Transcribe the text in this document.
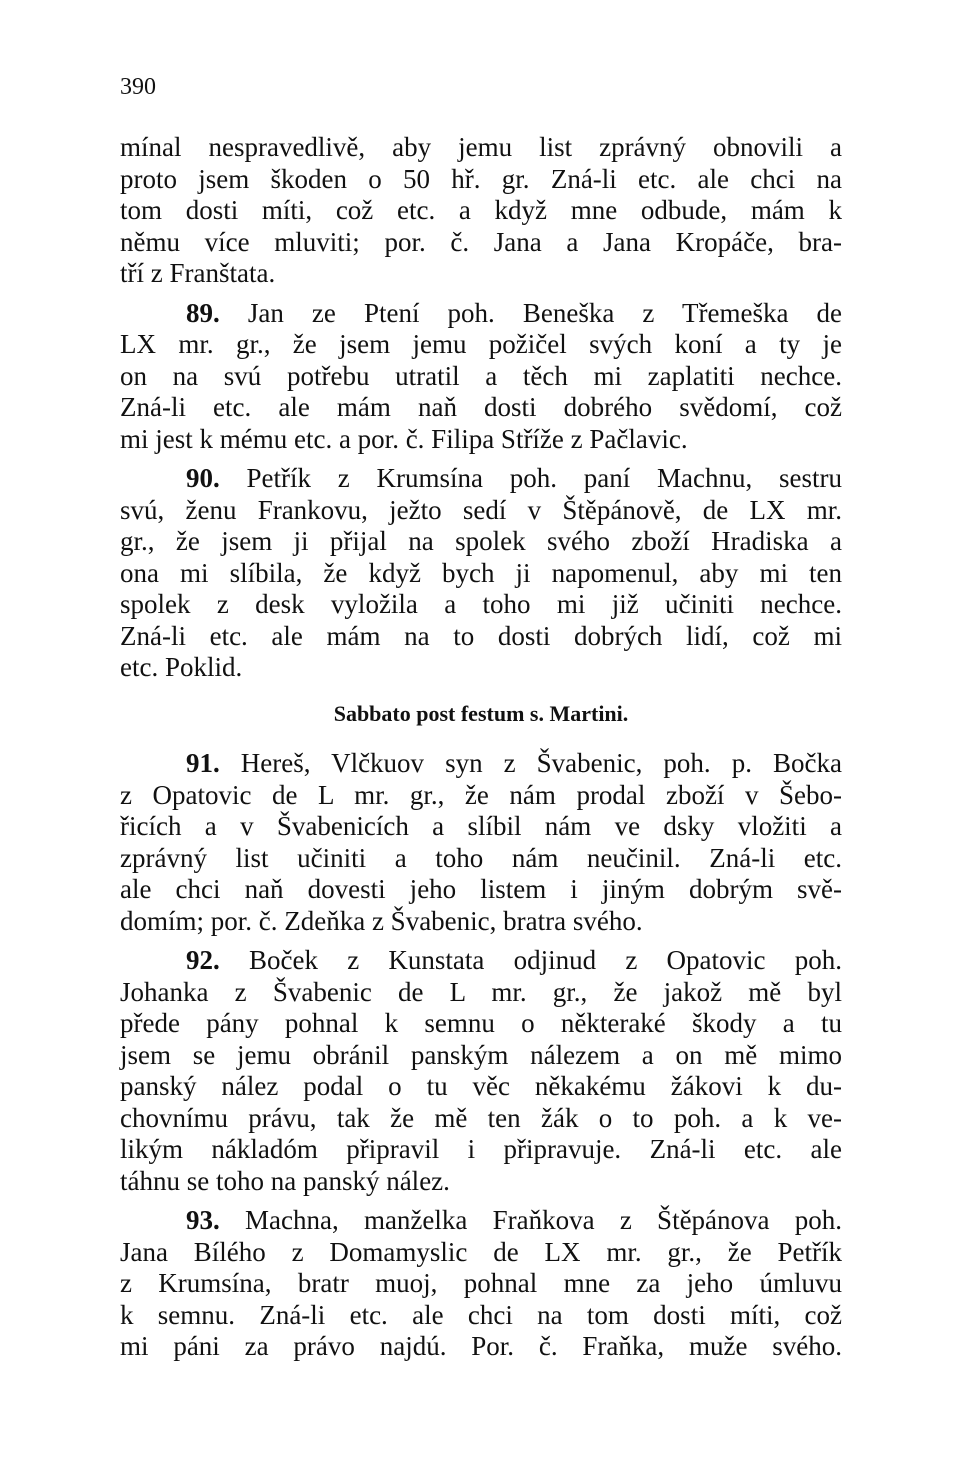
390
mínal nespravedlivě, aby jemu list zprávný obnovili a
proto jsem škoden o 50 hř. gr. Zná-li etc. ale chci na
tom dosti míti, což etc. a když mne odbude, mám k
němu více mluviti; por. č. Jana a Jana Kropáče, bra-
tří z Franštata.
89. Jan ze Ptení poh. Beneška z Třemeška de
LX mr. gr., že jsem jemu požičel svých koní a ty je
on na svú potřebu utratil a těch mi zaplatiti nechce.
Zná-li etc. ale mám naň dosti dobrého svědomí, což
mi jest k mému etc. a por. č. Filipa Stříže z Pačlavic.
90. Petřík z Krumsína poh. paní Machnu, sestru
svú, ženu Frankovu, ježto sedí v Štěpánově, de LX mr.
gr., že jsem ji přijal na spolek svého zboží Hradiska a
ona mi slíbila, že když bych ji napomenul, aby mi ten
spolek z desk vyložila a toho mi již učiniti nechce.
Zná-li etc. ale mám na to dosti dobrých lidí, což mi
etc. Poklid.
Sabbato post festum s. Martini.
91. Hereš, Vlčkuov syn z Švabenic, poh. p. Bočka
z Opatovic de L mr. gr., že nám prodal zboží v Šebo-
řicích a v Švabenicích a slíbil nám ve dsky vložiti a
zprávný list učiniti a toho nám neučinil. Zná-li etc.
ale chci naň dovesti jeho listem i jiným dobrým svě-
domím; por. č. Zdeňka z Švabenic, bratra svého.
92. Boček z Kunstata odjinud z Opatovic poh.
Johanka z Švabenic de L mr. gr., že jakož mě byl
přede pány pohnal k semnu o některaké škody a tu
jsem se jemu obránil panským nálezem a on mě mimo
panský nález podal o tu věc někakému žákovi k du-
chovnímu právu, tak že mě ten žák o to poh. a k ve-
likým nákladóm připravil i připravuje. Zná-li etc. ale
táhnu se toho na panský nález.
93. Machna, manželka Fraňkova z Štěpánova poh.
Jana Bílého z Domamyslic de LX mr. gr., že Petřík
z Krumsína, bratr muoj, pohnal mne za jeho úmluvu
k semnu. Zná-li etc. ale chci na tom dosti míti, což
mi páni za právo najdú. Por. č. Fraňka, muže svého.
